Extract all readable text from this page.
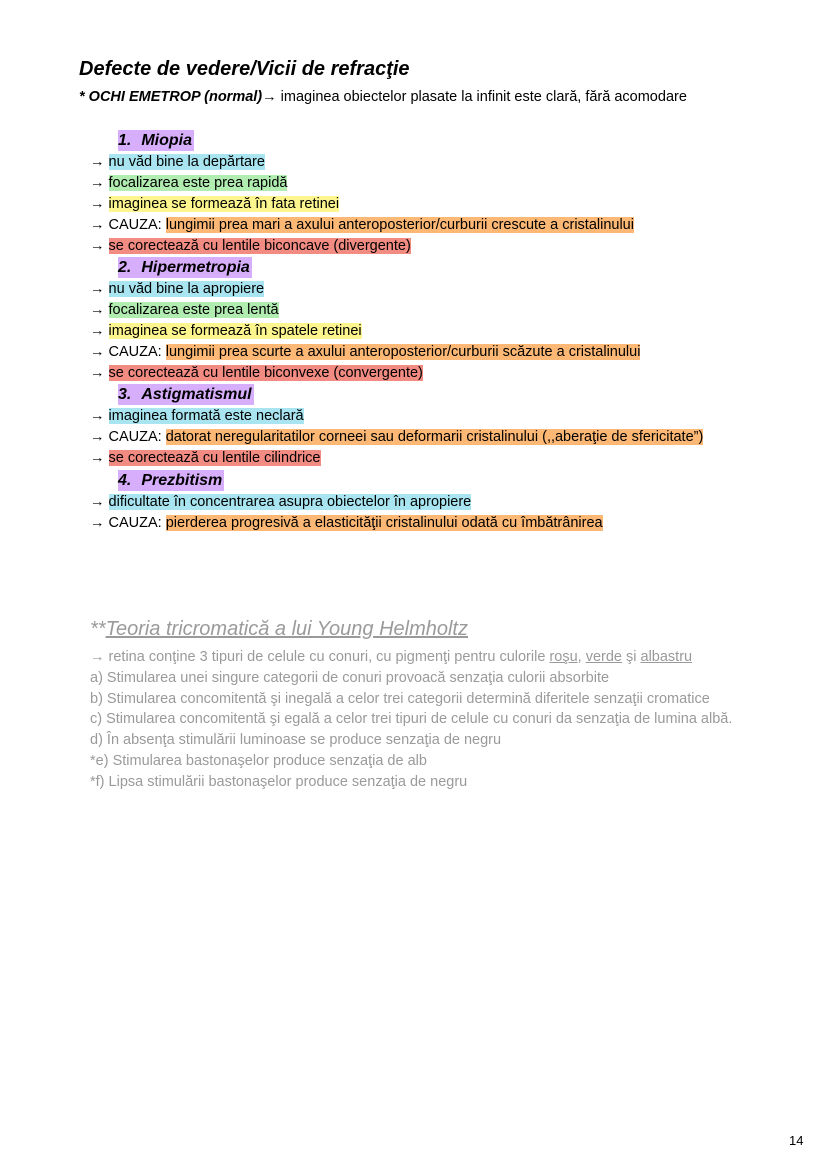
Defecte de vedere/Vicii de refracţie
* OCHI EMETROP (normal)→ imaginea obiectelor plasate la infinit este clară, fără acomodare
1. Miopia
→ nu văd bine la depărtare
→ focalizarea este prea rapidă
→ imaginea se formează în fata retinei
→ CAUZA: lungimii prea mari a axului anteroposterior/curburii crescute a cristalinului
→ se corectează cu lentile biconcave (divergente)
2. Hipermetropia
→ nu văd bine la apropiere
→ focalizarea este prea lentă
→ imaginea se formează în spatele retinei
→ CAUZA: lungimii prea scurte a axului anteroposterior/curburii scăzute a cristalinului
→ se corectează cu lentile biconvexe (convergente)
3. Astigmatismul
→ imaginea formată este neclară
→ CAUZA: datorat neregularitatilor corneei sau deformarii cristalinului (,,aberaţie de sfericitate”)
→ se corectează cu lentile cilindrice
4. Prezbitism
→ dificultate în concentrarea asupra obiectelor în apropiere
→ CAUZA: pierderea progresivă a elasticităţii cristalinului odată cu îmbătrânirea
**Teoria tricromatică a lui Young Helmholtz
→ retina conţine 3 tipuri de celule cu conuri, cu pigmenţi pentru culorile roşu, verde şi albastru
a) Stimularea unei singure categorii de conuri provoacă senzaţia culorii absorbite
b) Stimularea concomitentă şi inegală a celor trei categorii determină diferitele senzaţii cromatice
c) Stimularea concomitentă şi egală a celor trei tipuri de celule cu conuri da senzaţia de lumina albă.
d) În absenţa stimulării luminoase se produce senzaţia de negru
*e) Stimularea bastonaşelor produce senzaţia de alb
*f) Lipsa stimulării bastonaşelor produce senzaţia de negru
14
